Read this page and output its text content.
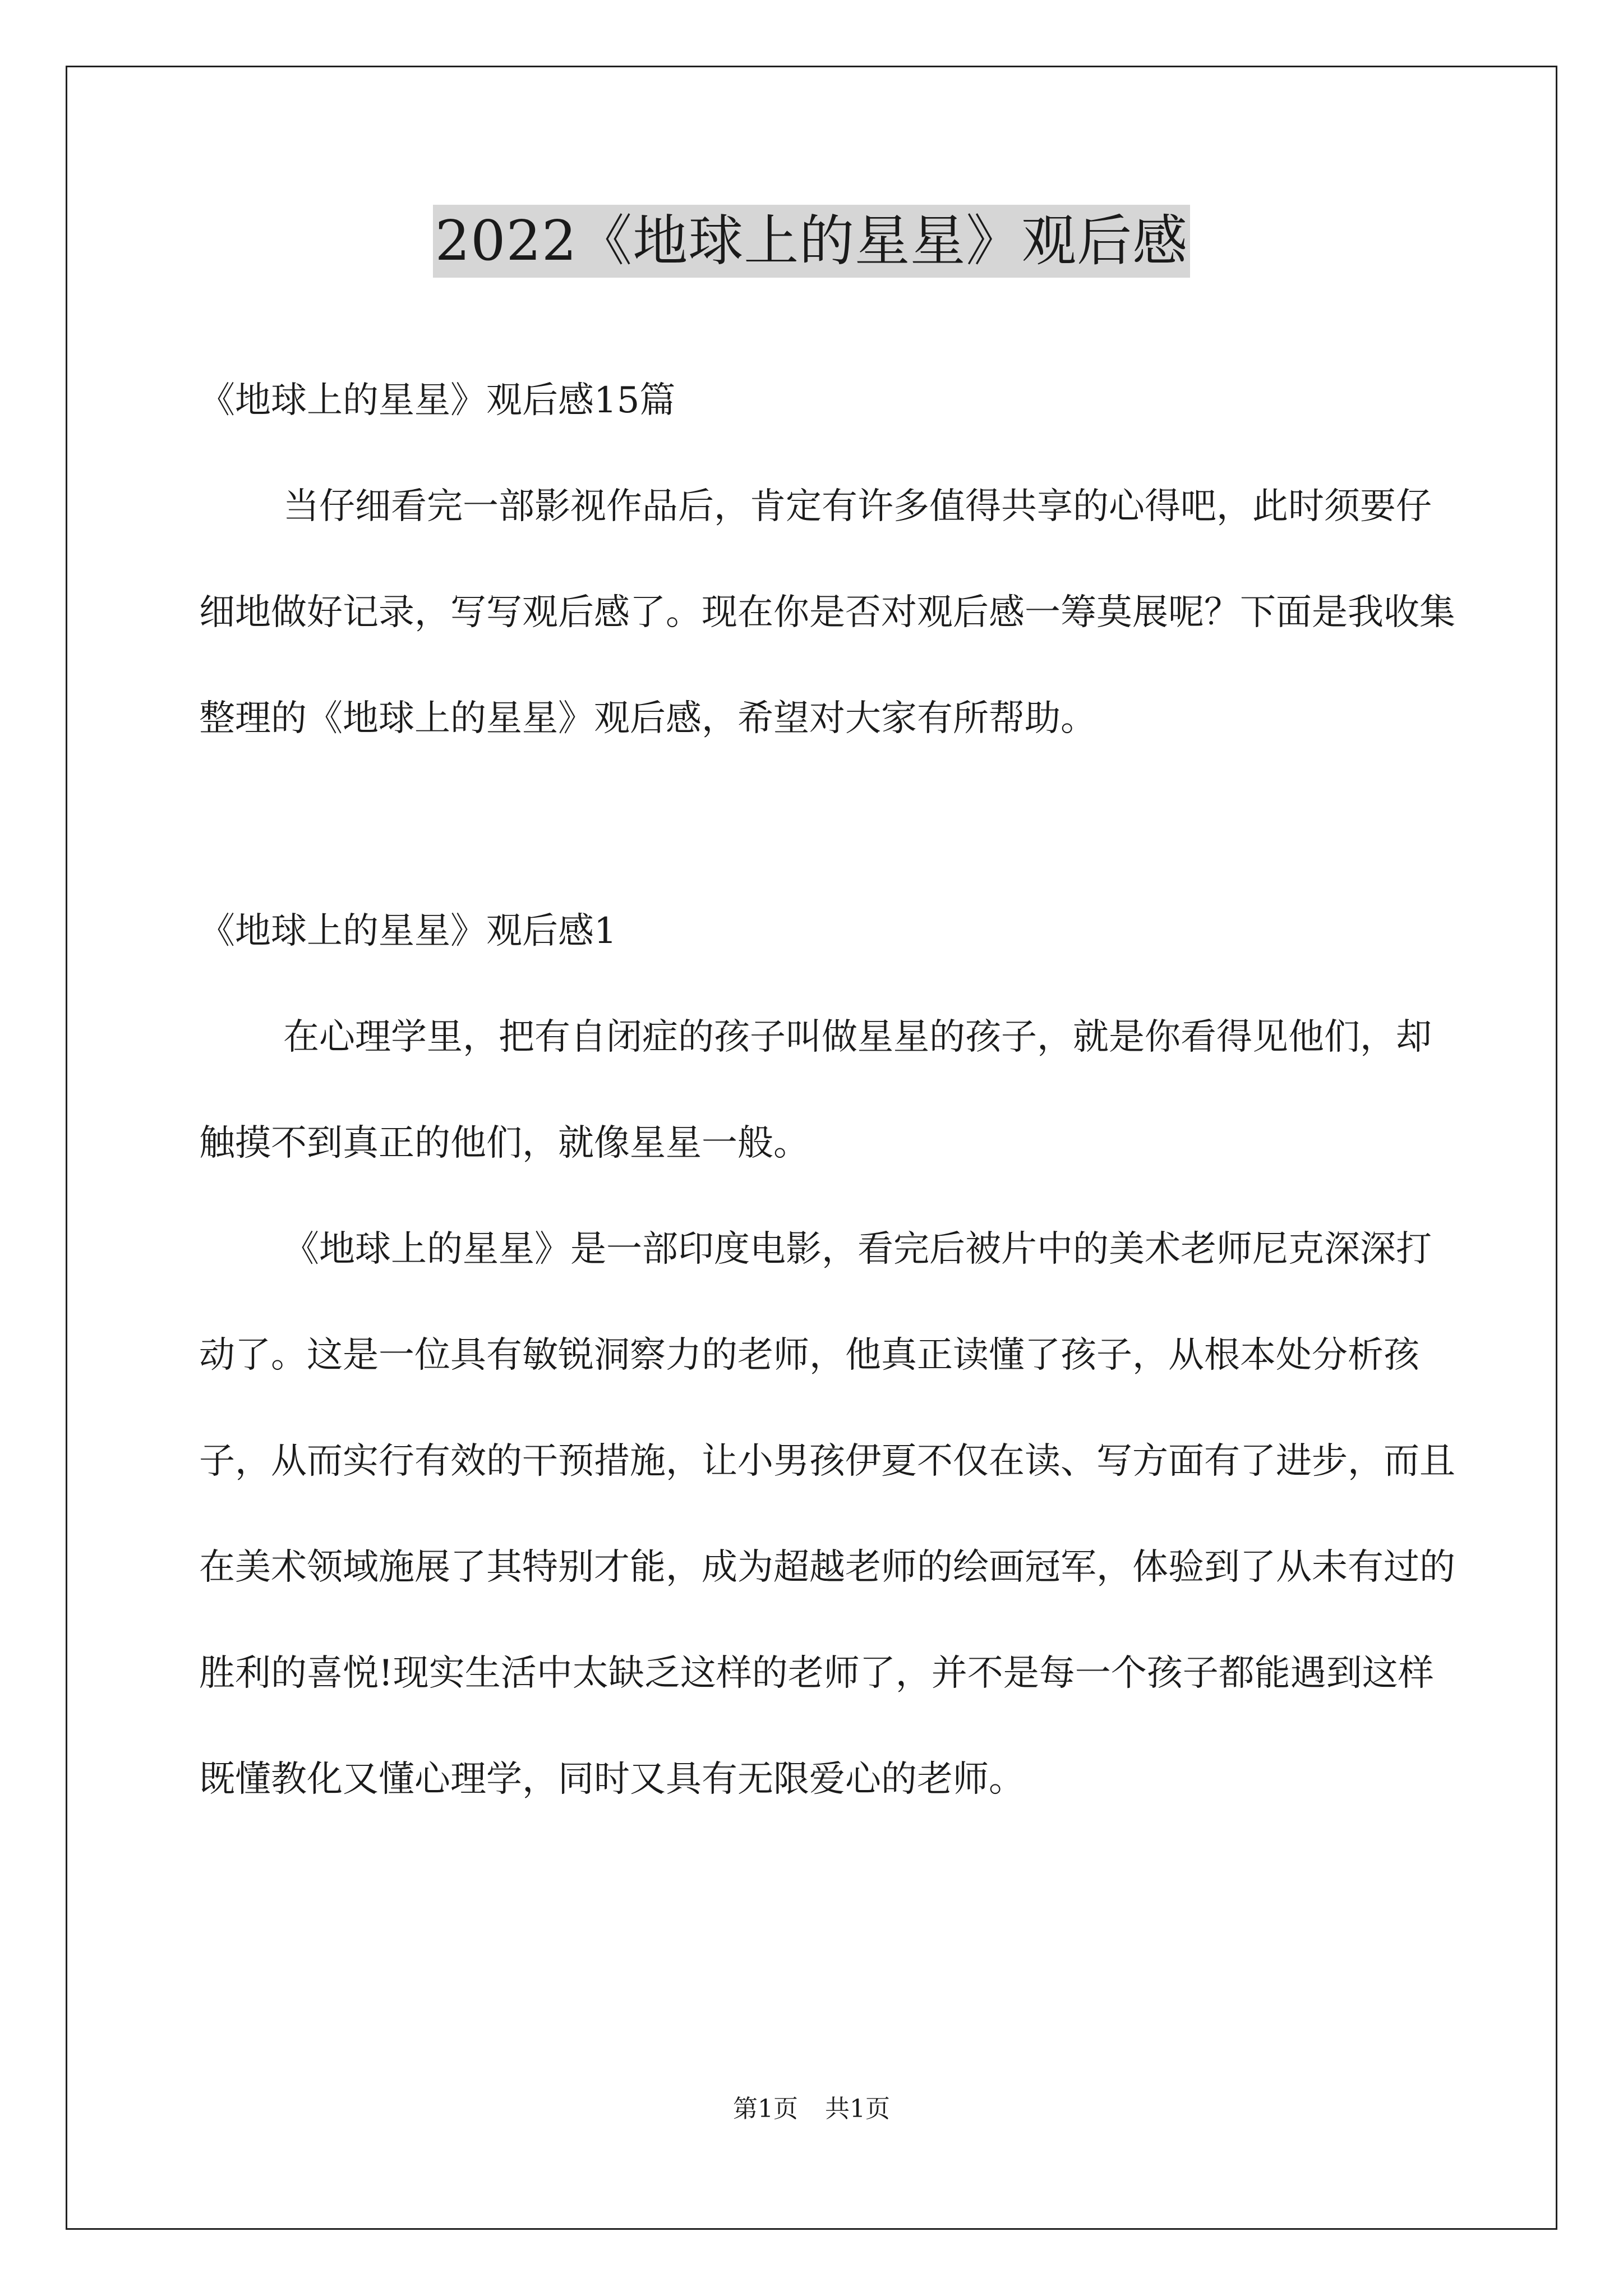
2022《地球上的星星》观后感

《地球上的星星》观后感15篇

当仔细看完一部影视作品后，肯定有许多值得共享的心得吧，此时须要仔细地做好记录，写写观后感了。现在你是否对观后感一筹莫展呢？下面是我收集整理的《地球上的星星》观后感，希望对大家有所帮助。

《地球上的星星》观后感1

在心理学里，把有自闭症的孩子叫做星星的孩子，就是你看得见他们，却触摸不到真正的他们，就像星星一般。

《地球上的星星》是一部印度电影，看完后被片中的美术老师尼克深深打动了。这是一位具有敏锐洞察力的老师，他真正读懂了孩子，从根本处分析孩子，从而实行有效的干预措施，让小男孩伊夏不仅在读、写方面有了进步，而且在美术领域施展了其特别才能，成为超越老师的绘画冠军，体验到了从未有过的胜利的喜悦!现实生活中太缺乏这样的老师了，并不是每一个孩子都能遇到这样既懂教化又懂心理学，同时又具有无限爱心的老师。

第1页 共1页
